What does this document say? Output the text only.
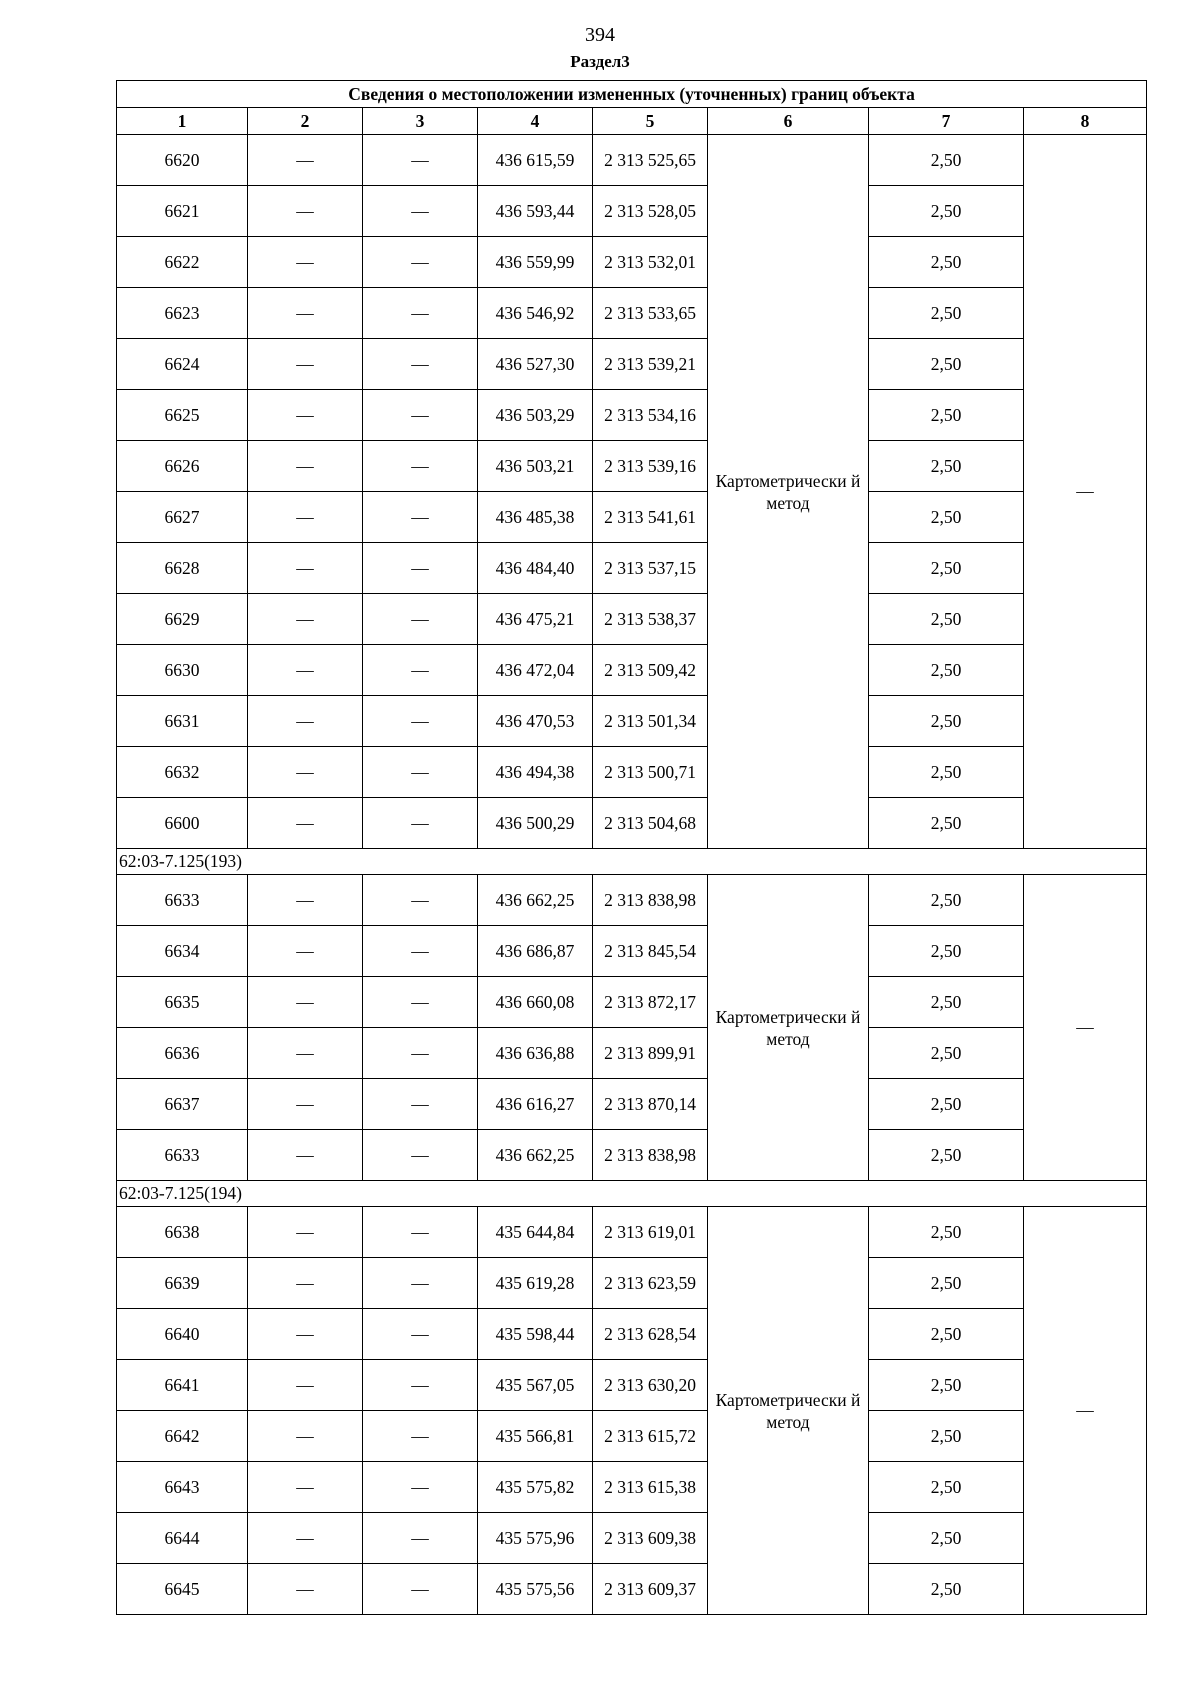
394
Раздел3
Сведения о местоположении измененных (уточненных) границ объекта							
1	2	3	4	5	6	7	8
6620	—	—	436 615,59	2 313 525,65	Картометрически й метод	2,50	—
6621	—	—	436 593,44	2 313 528,05		2,50	
6622	—	—	436 559,99	2 313 532,01		2,50	
6623	—	—	436 546,92	2 313 533,65		2,50	
6624	—	—	436 527,30	2 313 539,21		2,50	
6625	—	—	436 503,29	2 313 534,16		2,50	
6626	—	—	436 503,21	2 313 539,16		2,50	
6627	—	—	436 485,38	2 313 541,61		2,50	
6628	—	—	436 484,40	2 313 537,15		2,50	
6629	—	—	436 475,21	2 313 538,37		2,50	
6630	—	—	436 472,04	2 313 509,42		2,50	
6631	—	—	436 470,53	2 313 501,34		2,50	
6632	—	—	436 494,38	2 313 500,71		2,50	
6600	—	—	436 500,29	2 313 504,68		2,50	
62:03-7.125(193)							
6633	—	—	436 662,25	2 313 838,98	Картометрически й метод	2,50	—
6634	—	—	436 686,87	2 313 845,54		2,50	
6635	—	—	436 660,08	2 313 872,17		2,50	
6636	—	—	436 636,88	2 313 899,91		2,50	
6637	—	—	436 616,27	2 313 870,14		2,50	
6633	—	—	436 662,25	2 313 838,98		2,50	
62:03-7.125(194)							
6638	—	—	435 644,84	2 313 619,01	Картометрически й метод	2,50	—
6639	—	—	435 619,28	2 313 623,59		2,50	
6640	—	—	435 598,44	2 313 628,54		2,50	
6641	—	—	435 567,05	2 313 630,20		2,50	
6642	—	—	435 566,81	2 313 615,72		2,50	
6643	—	—	435 575,82	2 313 615,38		2,50	
6644	—	—	435 575,96	2 313 609,38		2,50	
6645	—	—	435 575,56	2 313 609,37		2,50	
